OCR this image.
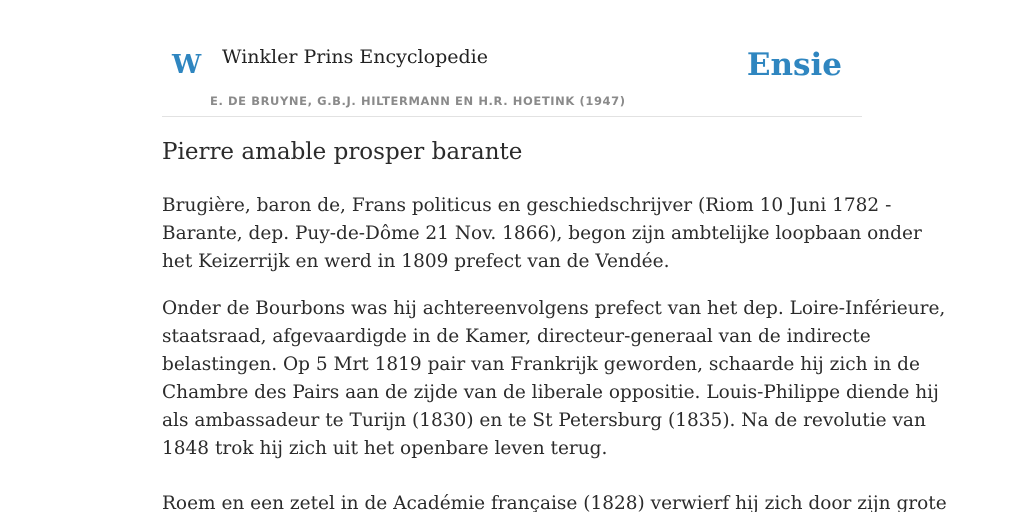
W Winkler Prins Encyclopedie
E. DE BRUYNE, G.B.J. HILTERMANN EN H.R. HOETINK (1947)
Ensie
Pierre amable prosper barante

Brugière, baron de, Frans politicus en geschiedschrijver (Riom 10 Juni 1782 -
Barante, dep. Puy-de-Dôme 21 Nov. 1866), begon zijn ambtelijke loopbaan onder
het Keizerrijk en werd in 1809 prefect van de Vendée.

Onder de Bourbons was hij achtereenvolgens prefect van het dep. Loire-Inférieure,
staatsraad, afgevaardigde in de Kamer, directeur-generaal van de indirecte
belastingen. Op 5 Mrt 1819 pair van Frankrijk geworden, schaarde hij zich in de
Chambre des Pairs aan de zijde van de liberale oppositie. Louis-Philippe diende hij
als ambassadeur te Turijn (1830) en te St Petersburg (1835). Na de revolutie van
1848 trok hij zich uit het openbare leven terug.

Roem en een zetel in de Académie française (1828) verwierf hij zich door zijn grote
